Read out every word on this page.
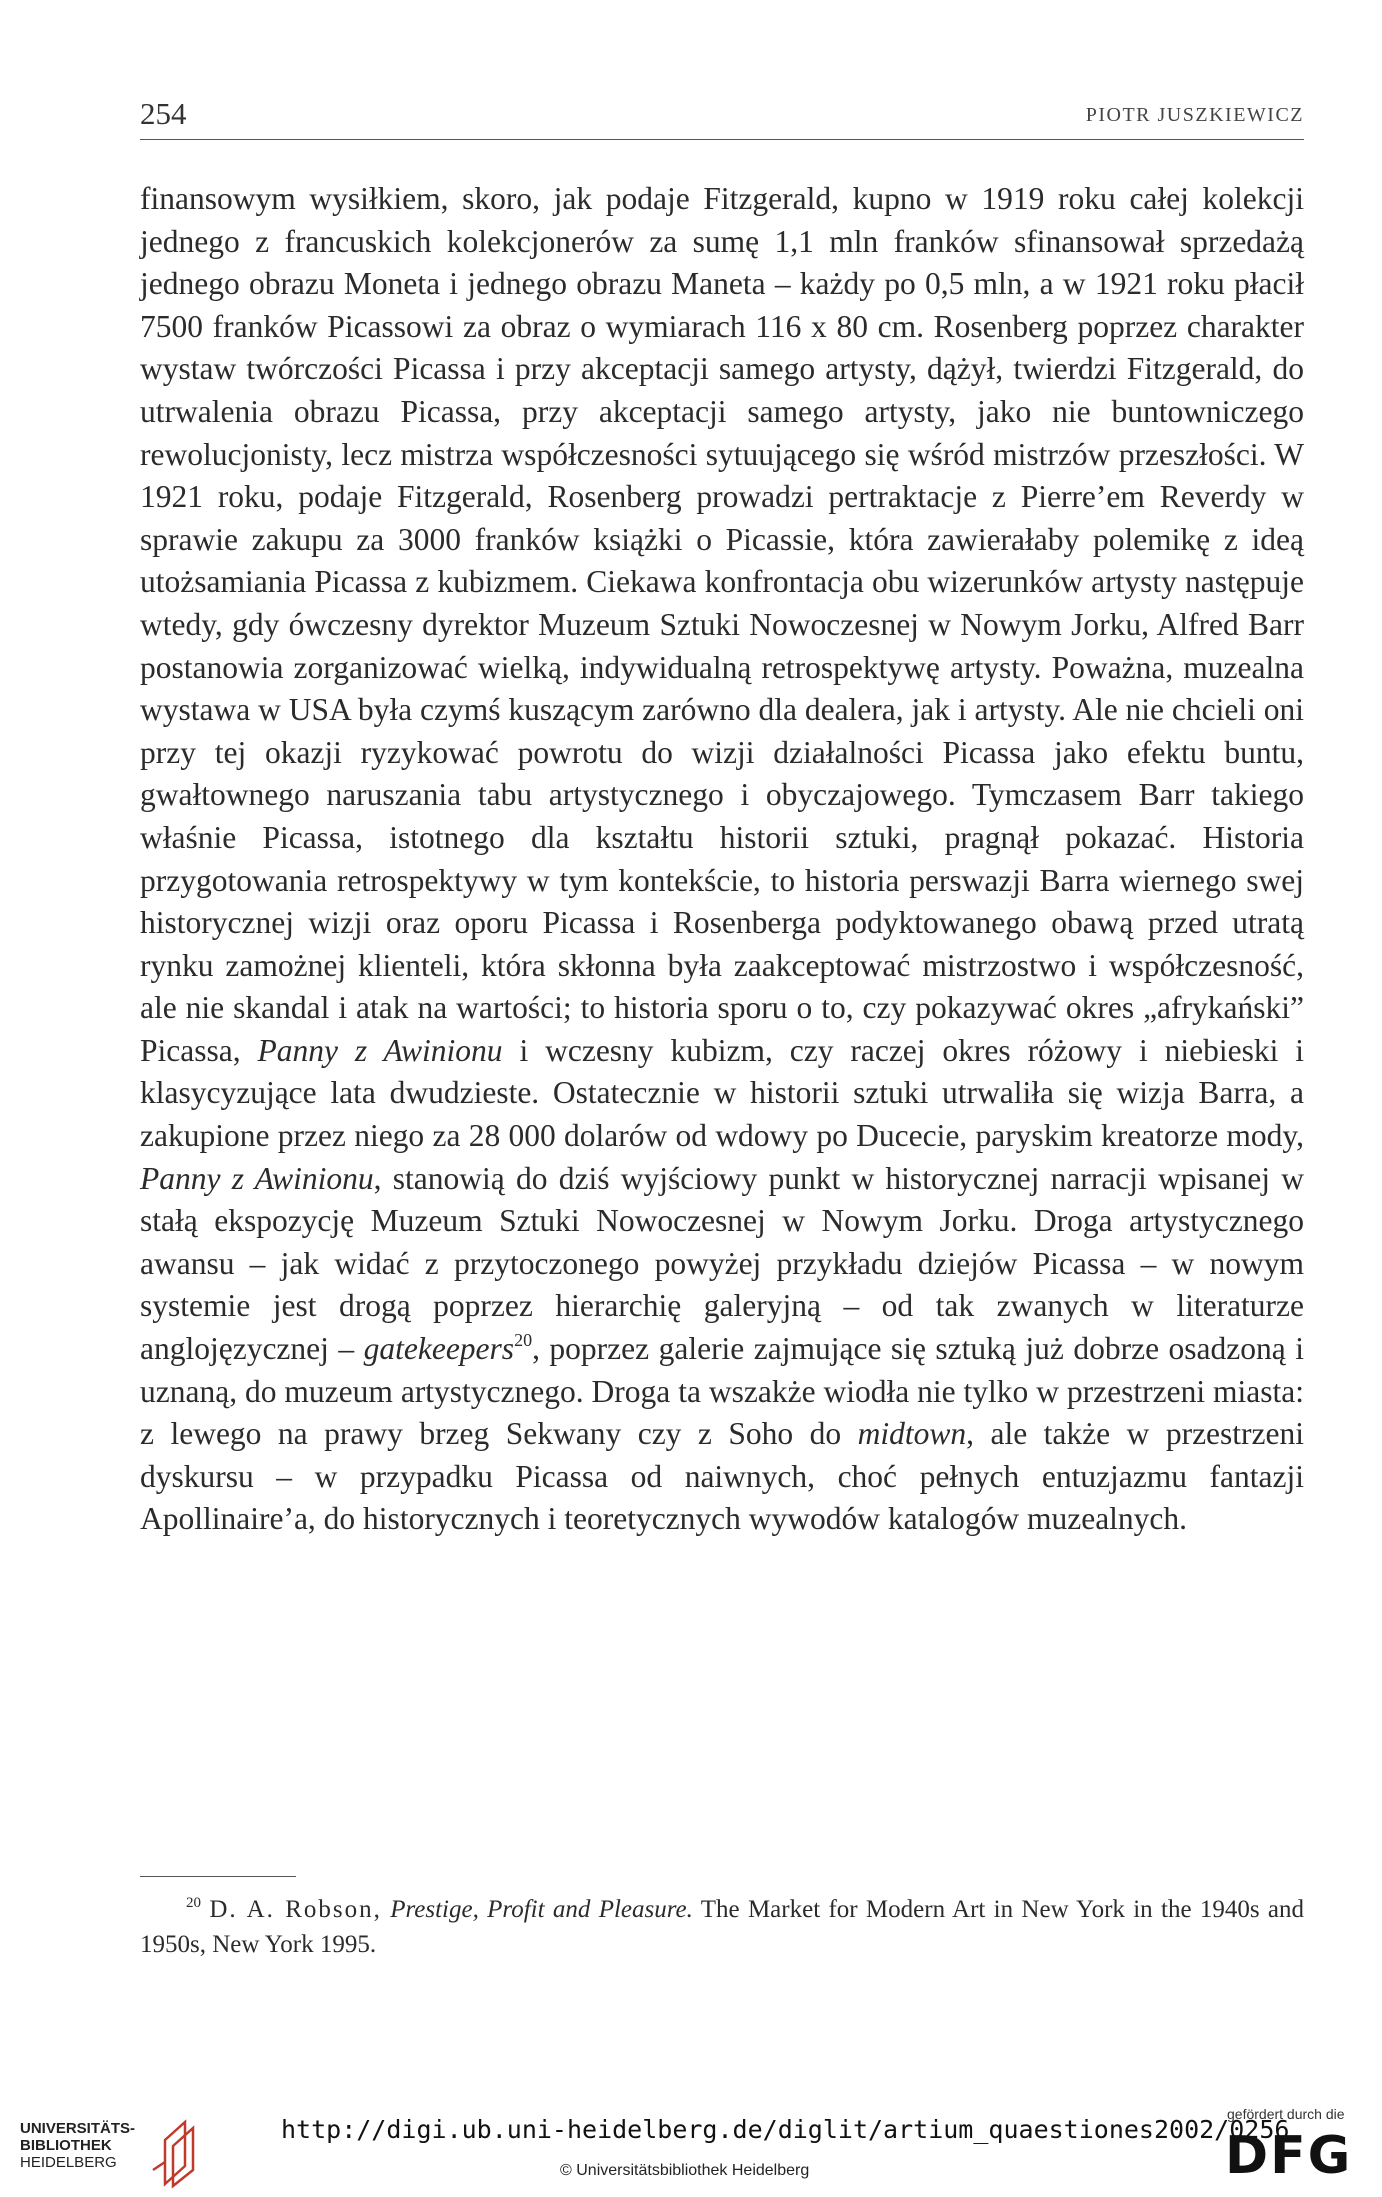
254	PIOTR JUSZKIEWICZ

finansowym wysiłkiem, skoro, jak podaje Fitzgerald, kupno w 1919 roku całej kolekcji jednego z francuskich kolekcjonerów za sumę 1,1 mln franków sfinansował sprzedażą jednego obrazu Moneta i jednego obrazu Maneta – każdy po 0,5 mln, a w 1921 roku płacił 7500 franków Picassowi za obraz o wymiarach 116 x 80 cm. Rosenberg poprzez charakter wystaw twórczości Picassa i przy akceptacji samego artysty, dążył, twierdzi Fitzgerald, do utrwalenia obrazu Picassa, przy akceptacji samego artysty, jako nie buntowniczego rewolucjonisty, lecz mistrza współczesności sytuującego się wśród mistrzów przeszłości. W 1921 roku, podaje Fitzgerald, Rosenberg prowadzi pertraktacje z Pierre’em Reverdy w sprawie zakupu za 3000 franków książki o Picassie, która zawierałaby polemikę z ideą utożsamiania Picassa z kubizmem. Ciekawa konfrontacja obu wizerunków artysty następuje wtedy, gdy ówczesny dyrektor Muzeum Sztuki Nowoczesnej w Nowym Jorku, Alfred Barr postanowia zorganizować wielką, indywidualną retrospektywę artysty. Poważna, muzealna wystawa w USA była czymś kuszącym zarówno dla dealera, jak i artysty. Ale nie chcieli oni przy tej okazji ryzykować powrotu do wizji działalności Picassa jako efektu buntu, gwałtownego naruszania tabu artystycznego i obyczajowego. Tymczasem Barr takiego właśnie Picassa, istotnego dla kształtu historii sztuki, pragnął pokazać. Historia przygotowania retrospektywy w tym kontekście, to historia perswazji Barra wiernego swej historycznej wizji oraz oporu Picassa i Rosenberga podyktowanego obawą przed utratą rynku zamożnej klienteli, która skłonna była zaakceptować mistrzostwo i współczesność, ale nie skandal i atak na wartości; to historia sporu o to, czy pokazywać okres „afrykański” Picassa, Panny z Awinionu i wczesny kubizm, czy raczej okres różowy i niebieski i klasycyzujące lata dwudzieste. Ostatecznie w historii sztuki utrwaliła się wizja Barra, a zakupione przez niego za 28 000 dolarów od wdowy po Ducecie, paryskim kreatorze mody, Panny z Awinionu, stanowią do dziś wyjściowy punkt w historycznej narracji wpisanej w stałą ekspozycję Muzeum Sztuki Nowoczesnej w Nowym Jorku. Droga artystycznego awansu – jak widać z przytoczonego powyżej przykładu dziejów Picassa – w nowym systemie jest drogą poprzez hierarchię galeryjną – od tak zwanych w literaturze anglojęzycznej – gatekeepers$^{20}$, poprzez galerie zajmujące się sztuką już dobrze osadzoną i uznaną, do muzeum artystycznego. Droga ta wszakże wiodła nie tylko w przestrzeni miasta: z lewego na prawy brzeg Sekwany czy z Soho do midtown, ale także w przestrzeni dyskursu – w przypadku Picassa od naiwnych, choć pełnych entuzjazmu fantazji Apollinaire’a, do historycznych i teoretycznych wywodów katalogów muzealnych.

$^{20}$ D. A. Robson, Prestige, Profit and Pleasure. The Market for Modern Art in New York in the 1940s and 1950s, New York 1995.
UNIVERSITÄTS-
BIBLIOTHEK
HEIDELBERG
http://digi.ub.uni-heidelberg.de/diglit/artium_quaestiones2002/0256
© Universitätsbibliothek Heidelberg
gefördert durch die
DFG
